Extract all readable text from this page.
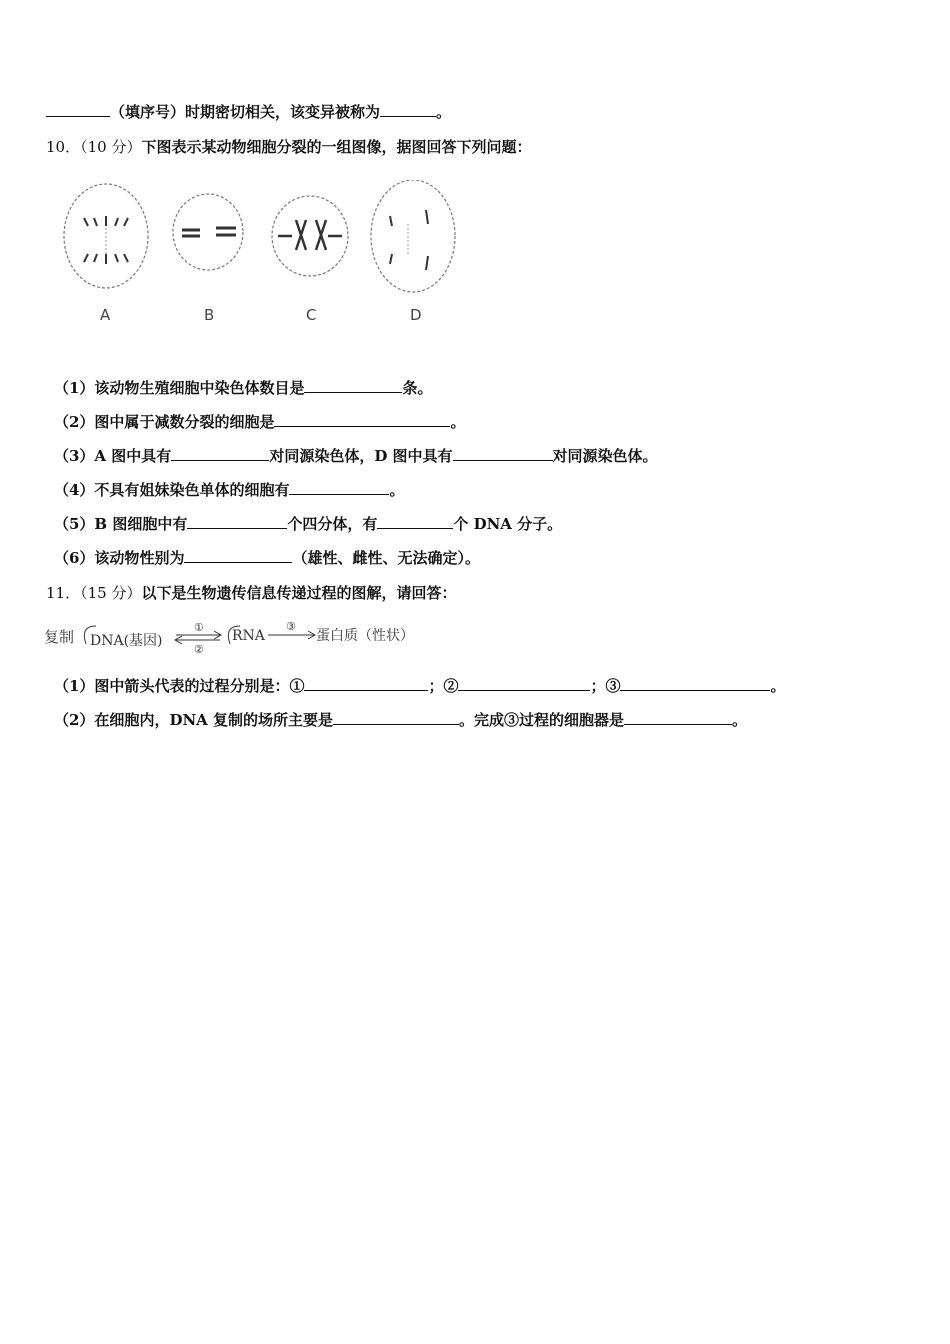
（填序号）时期密切相关，该变异被称为	。
10．（10 分）下图表示某动物细胞分裂的一组图像，据图回答下列问题：
A	B	C	D
（1）该动物生殖细胞中染色体数目是	条。
（2）图中属于减数分裂的细胞是	。
（3）A 图中具有	对同源染色体，D 图中具有	对同源染色体。
（4）不具有姐妹染色单体的细胞有	。
（5）B 图细胞中有	个四分体，有	个 DNA 分子。
（6）该动物性别为	（雄性、雌性、无法确定）。
11．（15 分）以下是生物遗传信息传递过程的图解，请回答：
复制 DNA(基因)
①
②
RNA
③
蛋白质（性状）
（1）图中箭头代表的过程分别是：①	；②	；③	。
（2）在细胞内，DNA 复制的场所主要是	。完成③过程的细胞器是	。
